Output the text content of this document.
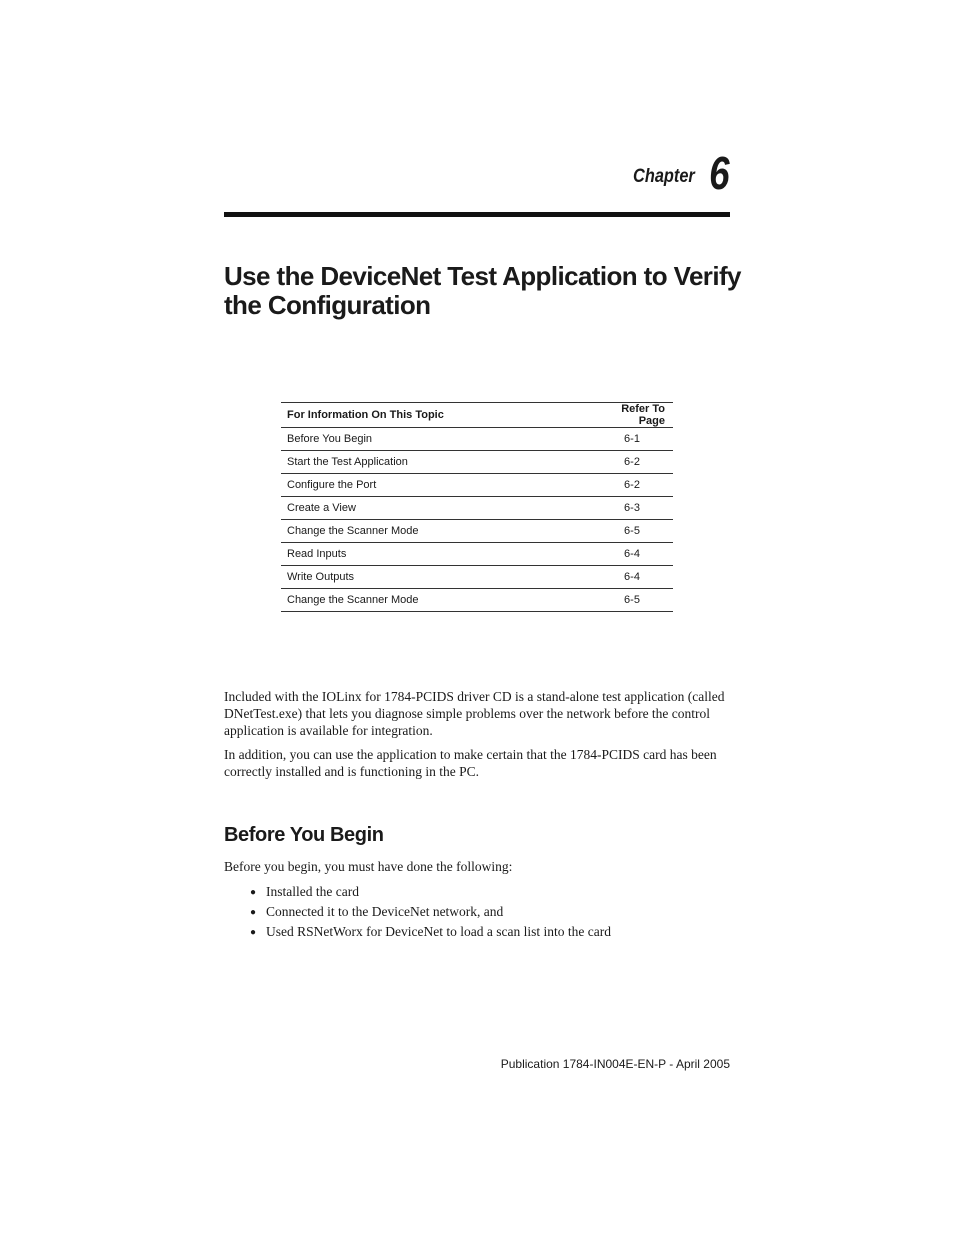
Chapter 6
Use the DeviceNet Test Application to Verify the Configuration
For Information On This Topic	Refer To Page
Before You Begin	6-1
Start the Test Application	6-2
Configure the Port	6-2
Create a View	6-3
Change the Scanner Mode	6-5
Read Inputs	6-4
Write Outputs	6-4
Change the Scanner Mode	6-5

Included with the IOLinx for 1784-PCIDS driver CD is a stand-alone test application (called DNetTest.exe) that lets you diagnose simple problems over the network before the control application is available for integration.

In addition, you can use the application to make certain that the 1784-PCIDS card has been correctly installed and is functioning in the PC.

Before You Begin

Before you begin, you must have done the following:

● Installed the card
● Connected it to the DeviceNet network, and
● Used RSNetWorx for DeviceNet to load a scan list into the card
Publication 1784-IN004E-EN-P - April 2005
